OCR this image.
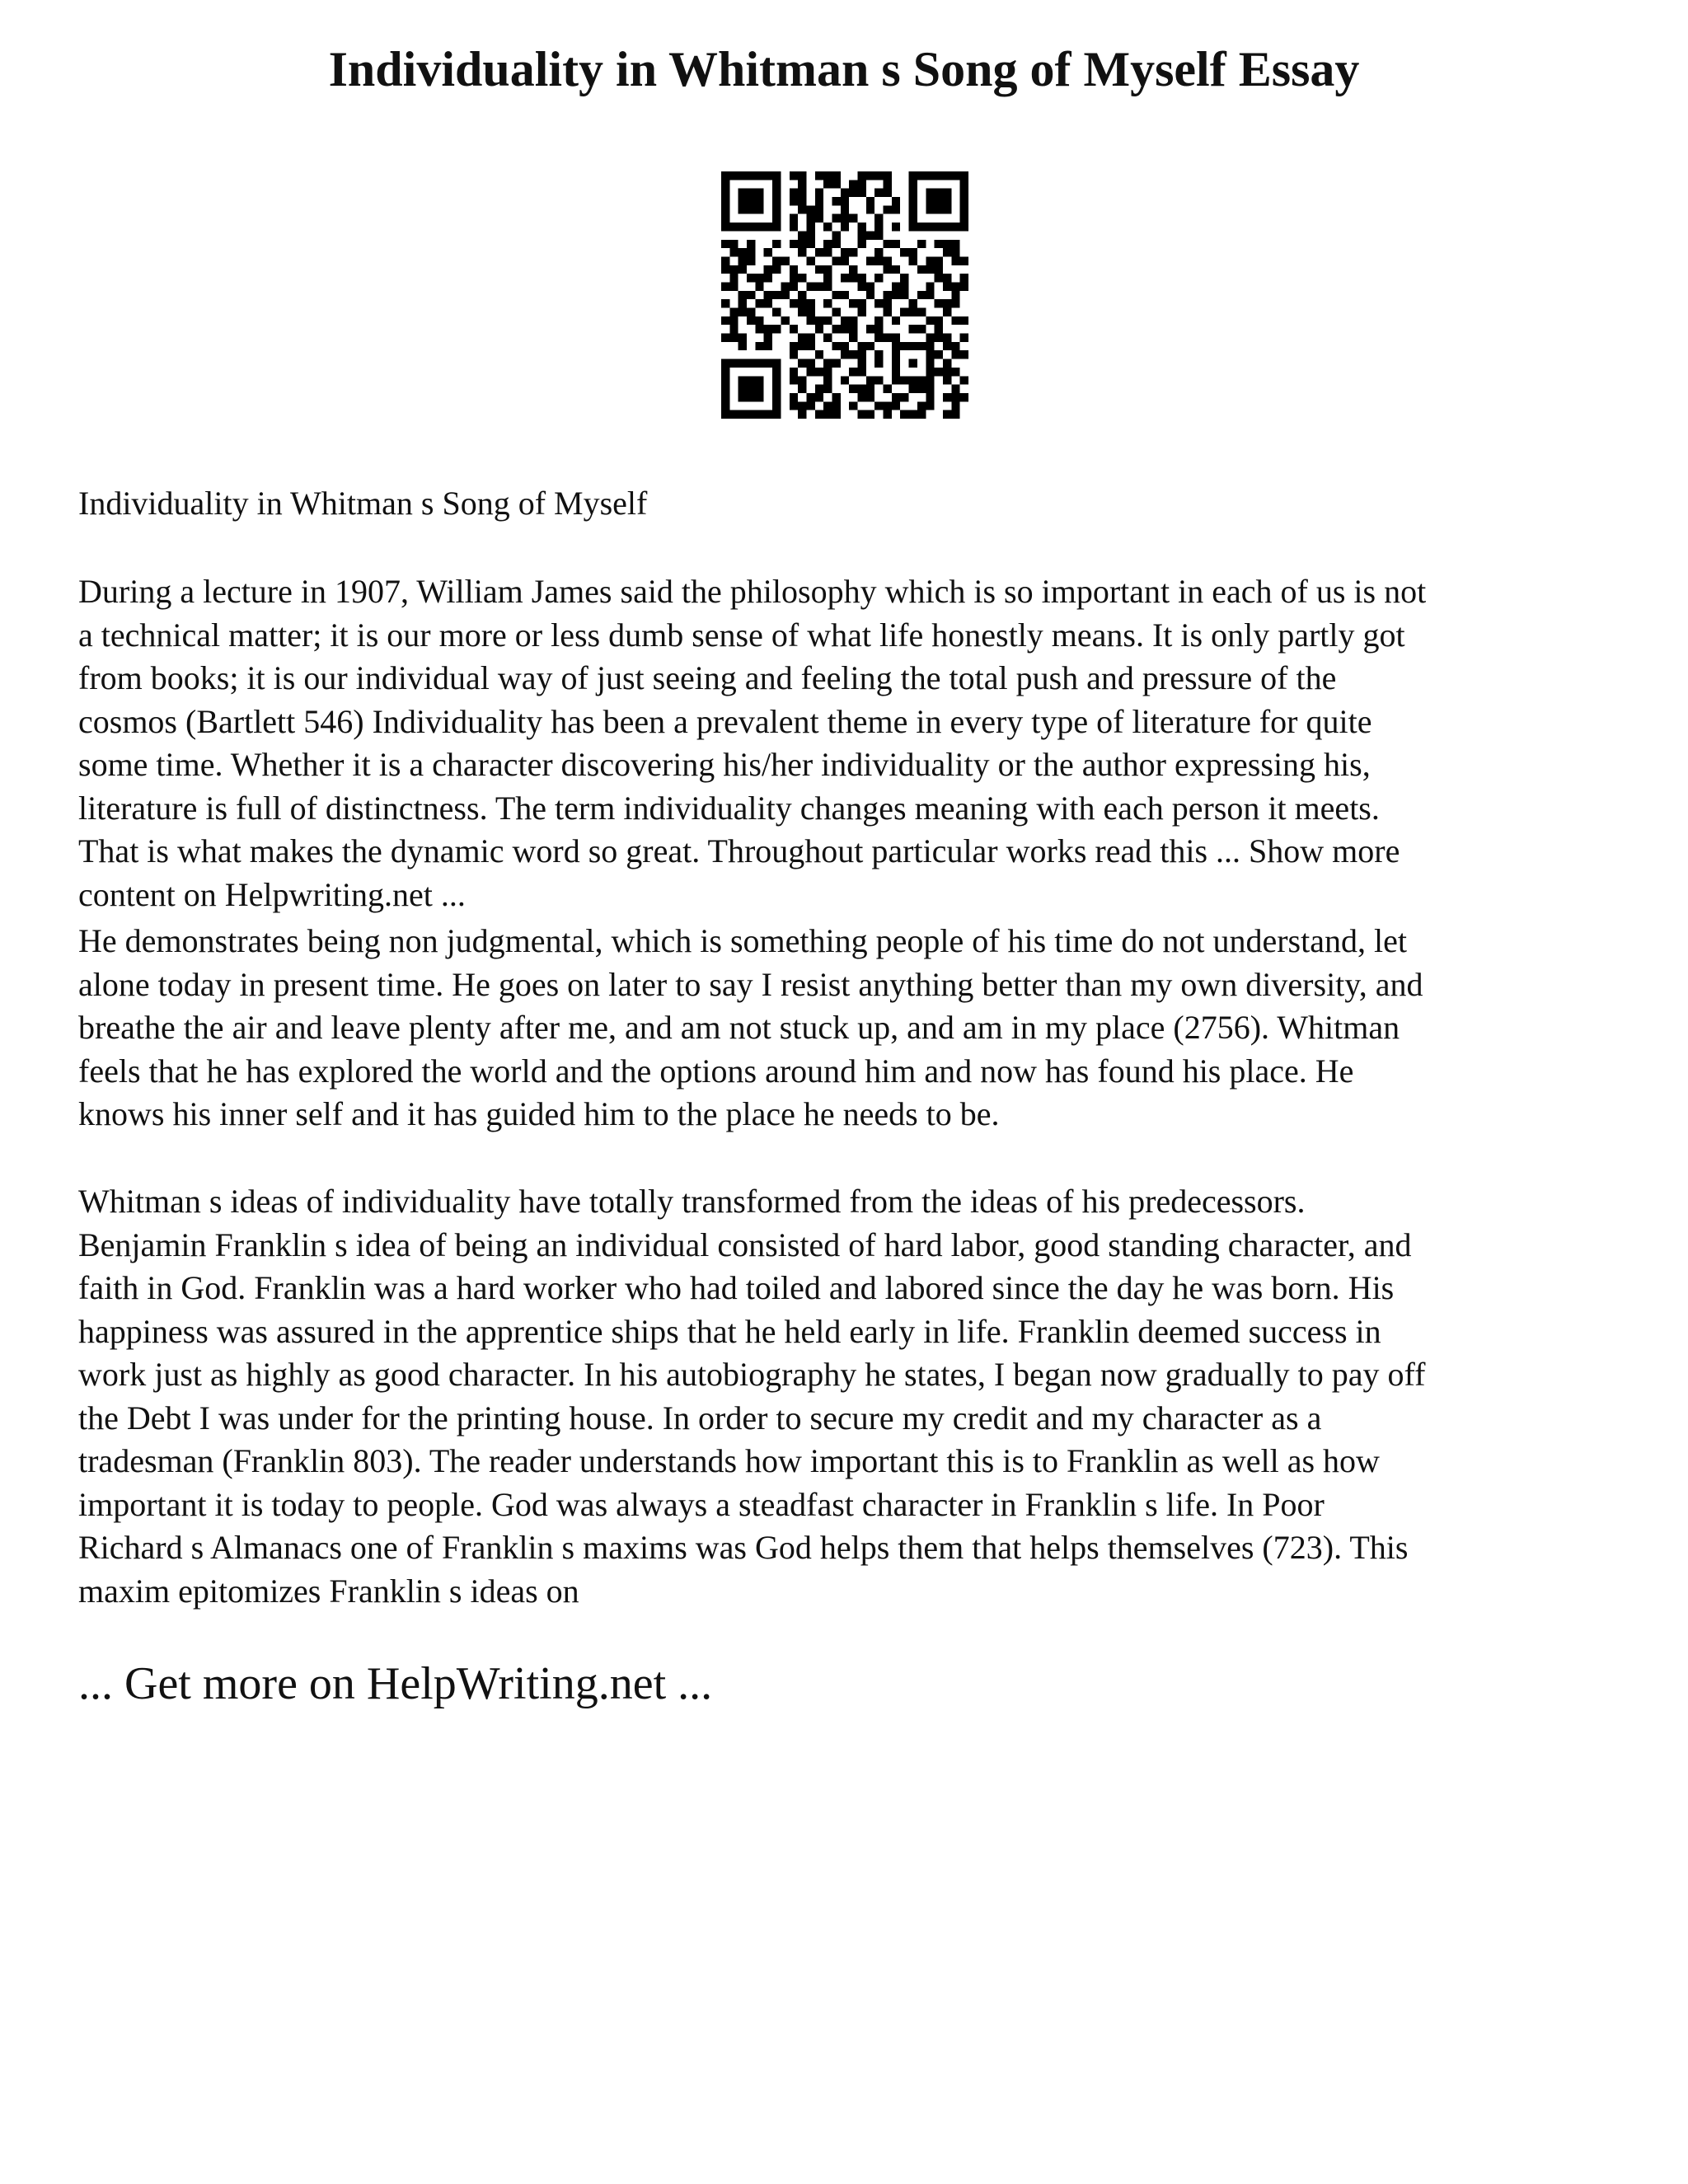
Individuality in Whitman s Song of Myself Essay

Individuality in Whitman s Song of Myself

During a lecture in 1907, William James said the philosophy which is so important in each of us is not
a technical matter; it is our more or less dumb sense of what life honestly means. It is only partly got
from books; it is our individual way of just seeing and feeling the total push and pressure of the
cosmos (Bartlett 546) Individuality has been a prevalent theme in every type of literature for quite
some time. Whether it is a character discovering his/her individuality or the author expressing his,
literature is full of distinctness. The term individuality changes meaning with each person it meets.
That is what makes the dynamic word so great. Throughout particular works read this ... Show more
content on Helpwriting.net ...

He demonstrates being non judgmental, which is something people of his time do not understand, let
alone today in present time. He goes on later to say I resist anything better than my own diversity, and
breathe the air and leave plenty after me, and am not stuck up, and am in my place (2756). Whitman
feels that he has explored the world and the options around him and now has found his place. He
knows his inner self and it has guided him to the place he needs to be.

Whitman s ideas of individuality have totally transformed from the ideas of his predecessors.
Benjamin Franklin s idea of being an individual consisted of hard labor, good standing character, and
faith in God. Franklin was a hard worker who had toiled and labored since the day he was born. His
happiness was assured in the apprentice ships that he held early in life. Franklin deemed success in
work just as highly as good character. In his autobiography he states, I began now gradually to pay off
the Debt I was under for the printing house. In order to secure my credit and my character as a
tradesman (Franklin 803). The reader understands how important this is to Franklin as well as how
important it is today to people. God was always a steadfast character in Franklin s life. In Poor
Richard s Almanacs one of Franklin s maxims was God helps them that helps themselves (723). This
maxim epitomizes Franklin s ideas on

... Get more on HelpWriting.net ...
